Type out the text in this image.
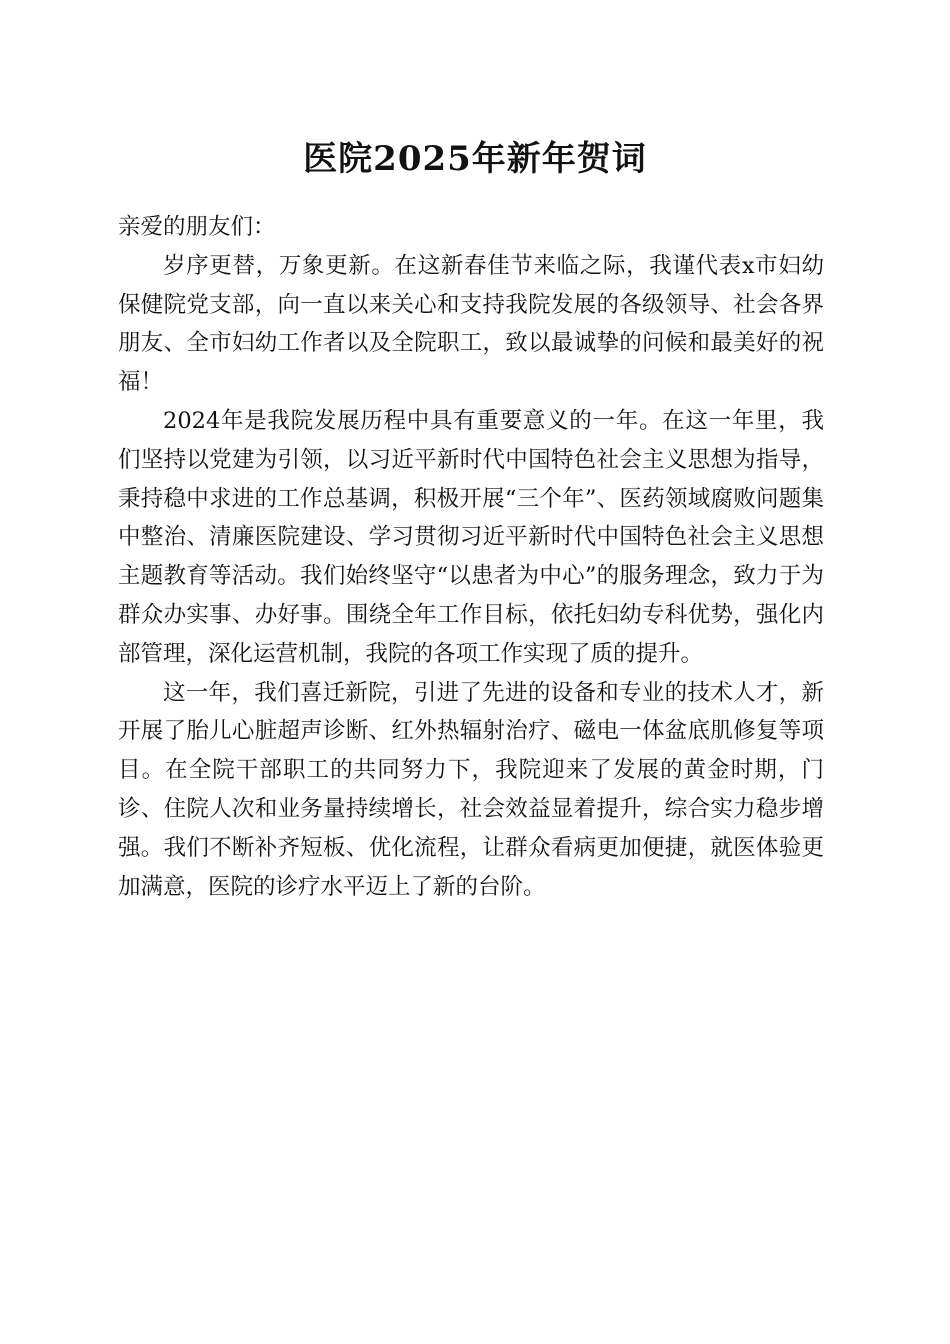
医院2025年新年贺词

亲爱的朋友们：

岁序更替，万象更新。在这新春佳节来临之际，我谨代表x市妇幼保健院党支部，向一直以来关心和支持我院发展的各级领导、社会各界朋友、全市妇幼工作者以及全院职工，致以最诚挚的问候和最美好的祝福！

2024年是我院发展历程中具有重要意义的一年。在这一年里，我们坚持以党建为引领，以习近平新时代中国特色社会主义思想为指导，秉持稳中求进的工作总基调，积极开展“三个年”、医药领域腐败问题集中整治、清廉医院建设、学习贯彻习近平新时代中国特色社会主义思想主题教育等活动。我们始终坚守“以患者为中心”的服务理念，致力于为群众办实事、办好事。围绕全年工作目标，依托妇幼专科优势，强化内部管理，深化运营机制，我院的各项工作实现了质的提升。

这一年，我们喜迁新院，引进了先进的设备和专业的技术人才，新开展了胎儿心脏超声诊断、红外热辐射治疗、磁电一体盆底肌修复等项目。在全院干部职工的共同努力下，我院迎来了发展的黄金时期，门诊、住院人次和业务量持续增长，社会效益显着提升，综合实力稳步增强。我们不断补齐短板、优化流程，让群众看病更加便捷，就医体验更加满意，医院的诊疗水平迈上了新的台阶。
